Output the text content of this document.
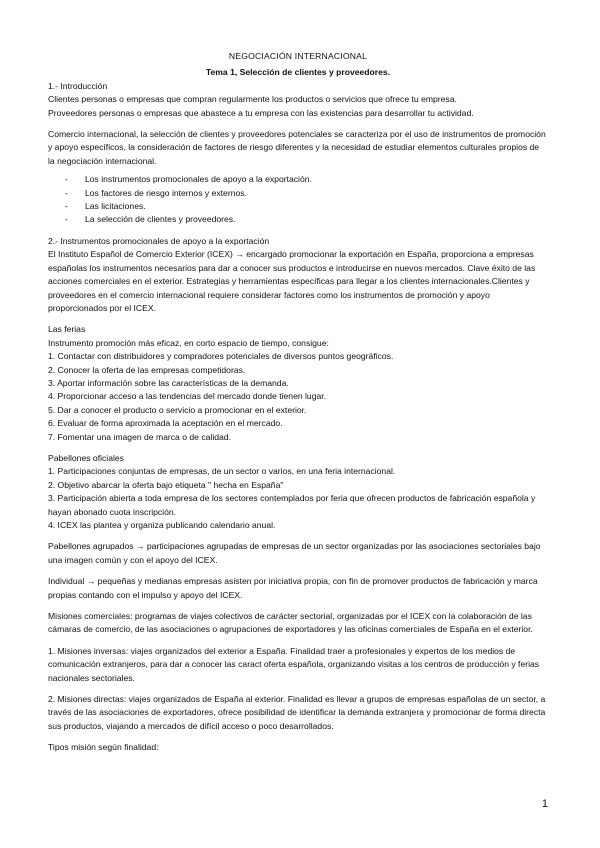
NEGOCIACIÓN INTERNACIONAL

Tema 1, Selección de clientes y proveedores.

1.- Introducción

Clientes personas o empresas que compran regularmente los productos o servicios que ofrece tu empresa.

Proveedores personas o empresas que abastece a tu empresa con las existencias para desarrollar tu actividad.

Comercio internacional, la selección de clientes y proveedores potenciales se caracteriza por el uso de instrumentos de promoción y apoyo específicos, la consideración de factores de riesgo diferentes y la necesidad de estudiar elementos culturales propios de la negociación internacional.

- Los instrumentos promocionales de apoyo a la exportación.
- Los factores de riesgo internos y externos.
- Las licitaciones.
- La selección de clientes y proveedores.

2.- Instrumentos promocionales de apoyo a la exportación

El Instituto Español de Comercio Exterior (ICEX) → encargado promocionar la exportación en España, proporciona a empresas españolas los instrumentos necesarios para dar a conocer sus productos e introducirse en nuevos mercados. Clave éxito de las acciones comerciales en el exterior. Estrategias y herramientas específicas para llegar a los clientes internacionales.Clientes y proveedores en el comercio internacional requiere considerar factores como los instrumentos de promoción y apoyo proporcionados por el ICEX.

Las ferias

Instrumento promoción más eficaz, en corto espacio de tiempo, consigue:

1. Contactar con distribuidores y compradores potenciales de diversos puntos geográficos.

2. Conocer la oferta de las empresas competidoras.

3. Aportar información sobre las características de la demanda.

4. Proporcionar acceso a las tendencias del mercado donde tienen lugar.

5. Dar a conocer el producto o servicio a promocionar en el exterior.

6. Evaluar de forma aproximada la aceptación en el mercado.

7. Fomentar una imagen de marca o de calidad.

Pabellones oficiales

1. Participaciones conjuntas de empresas, de un sector o varios, en una feria internacional.

2. Objetivo abarcar la oferta bajo etiqueta " hecha en España"

3. Participación abierta a toda empresa de los sectores contemplados por feria que ofrecen productos de fabricación española y hayan abonado cuota inscripción.

4. ICEX las plantea y organiza publicando calendario anual.

Pabellones agrupados → participaciones agrupadas de empresas de un sector organizadas por las asociaciones sectoriales bajo una imagen común y con el apoyo del ICEX.

Individual → pequeñas y medianas empresas asisten por iniciativa propia, con fin de promover productos de fabricación y marca propias contando con el impulso y apoyo del ICEX.

Misiones comerciales: programas de viajes colectivos de carácter sectorial, organizadas por el ICEX con la colaboración de las cámaras de comercio, de las asociaciones o agrupaciones de exportadores y las oficinas comerciales de España en el exterior.

1. Misiones inversas: viajes organizados del exterior a España. Finalidad traer a profesionales y expertos de los medios de comunicación extranjeros, para dar a conocer las caract oferta española, organizando visitas a los centros de producción y ferias nacionales sectoriales.

2. Misiones directas: viajes organizados de España al exterior. Finalidad es llevar a grupos de empresas españolas de un sector, a través de las asociaciones de exportadores, ofrece posibilidad de identificar la demanda extranjera y promocionar de forma directa sus productos, viajando a mercados de difícil acceso o poco desarrollados.

Tipos misión según finalidad:

1
